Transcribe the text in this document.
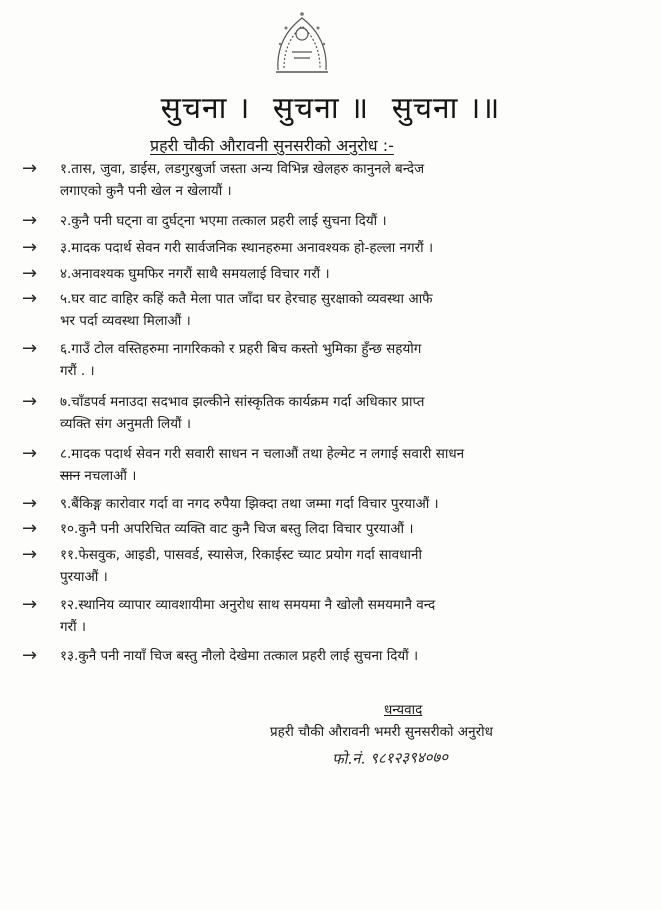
सुचना । सुचना ॥ सुचना ।॥
प्रहरी चौकी औरावनी सुनसरीको अनुरोध :-
→ १.तास, जुवा, डाईस, लडगुरबुर्जा जस्ता अन्य विभिन्न खेलहरु कानुनले बन्देज
लगाएको कुनै पनी खेल न खेलायौं ।
→ २.कुनै पनी घट्ना वा दुर्घट्ना भएमा तत्काल प्रहरी लाई सुचना दियौं ।
→ ३.मादक पदार्थ सेवन गरी सार्वजनिक स्थानहरुमा अनावश्यक हो-हल्ला नगरौं ।
→ ४.अनावश्यक घुमफिर नगरौं साथै समयलाई विचार गरौं ।
→ ५.घर वाट वाहिर कहिं कतै मेला पात जाँदा घर हेरचाह सुरक्षाको व्यवस्था आफै
भर पर्दा व्यवस्था मिलाऔं ।
→ ६.गाउँ टोल वस्तिहरुमा नागरिकको र प्रहरी बिच कस्तो भुमिका हुँन्छ सहयोग
गरौं . ।
→ ७.चाँडपर्व मनाउदा सदभाव झल्कीने सांस्कृतिक कार्यक्रम गर्दा अधिकार प्राप्त
व्यक्ति संग अनुमती लियौं ।
→ ८.मादक पदार्थ सेवन गरी सवारी साधन न चलाऔं तथा हेल्मेट न लगाई सवारी साधन
सान नचलाऔं ।
→ ९.बैंकिङ्ग कारोवार गर्दा वा नगद रुपैया झिक्दा तथा जम्मा गर्दा विचार पुरयाऔं ।
→ १०.कुनै पनी अपरिचित व्यक्ति वाट कुनै चिज बस्तु लिदा विचार पुरयाऔं ।
→ ११.फेसवुक, आइडी, पासवर्ड, स्यासेज, रिकाईस्ट च्याट प्रयोग गर्दा सावधानी
पुरयाऔं ।
→ १२.स्थानिय व्यापार व्यावशायीमा अनुरोध साथ समयमा नै खोलौ समयमानै वन्द
गरौं ।
→ १३.कुनै पनी नायाँ चिज बस्तु नौलो देखेमा तत्काल प्रहरी लाई सुचना दियौं ।
धन्यवाद
प्रहरी चौकी औरावनी भमरी सुनसरीको अनुरोध
फो.नं. ९८१२३९४०७०
